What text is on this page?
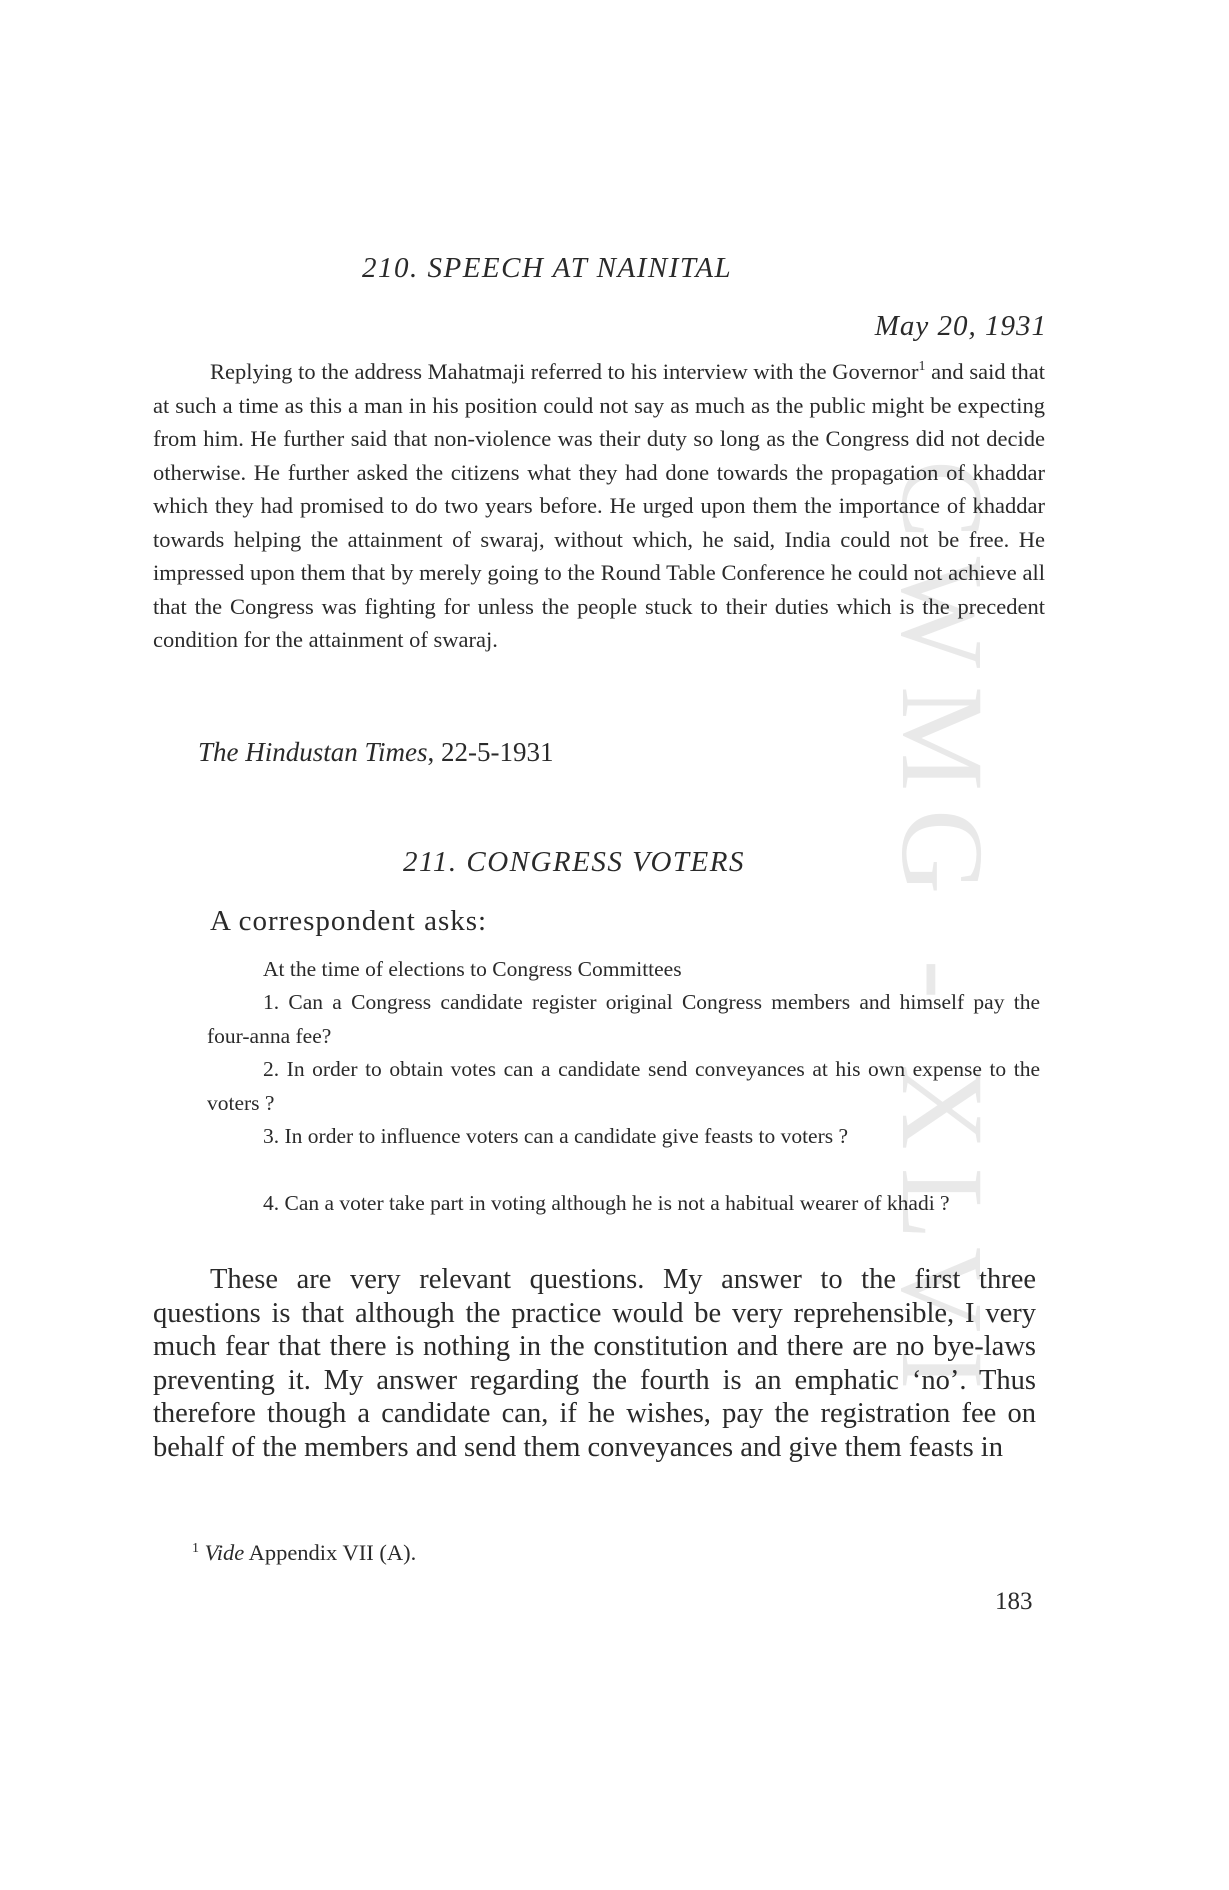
CWMG - XLVI
210. SPEECH AT NAINITAL
May 20, 1931

Replying to the address Mahatmaji referred to his interview with the Governor$^1$ and said that at such a time as this a man in his position could not say as much as the public might be expecting from him. He further said that non-violence was their duty so long as the Congress did not decide otherwise. He further asked the citizens what they had done towards the propagation of khaddar which they had promised to do two years before. He urged upon them the importance of khaddar towards helping the attainment of swaraj, without which, he said, India could not be free. He impressed upon them that by merely going to the Round Table Conference he could not achieve all that the Congress was fighting for unless the people stuck to their duties which is the precedent condition for the attainment of swaraj.

The Hindustan Times, 22-5-1931
211. CONGRESS VOTERS
A correspondent asks:

At the time of elections to Congress Committees

1. Can a Congress candidate register original Congress members and himself pay the four-anna fee?

2. In order to obtain votes can a candidate send conveyances at his own expense to the voters ?

3. In order to influence voters can a candidate give feasts to voters ?

4. Can a voter take part in voting although he is not a habitual wearer of khadi ?

These are very relevant questions. My answer to the first three questions is that although the practice would be very reprehensible, I very much fear that there is nothing in the constitution and there are no bye-laws preventing it. My answer regarding the fourth is an emphatic ‘no’. Thus therefore though a candidate can, if he wishes, pay the registration fee on behalf of the members and send them conveyances and give them feasts in

$^1$ Vide Appendix VII (A).
183
